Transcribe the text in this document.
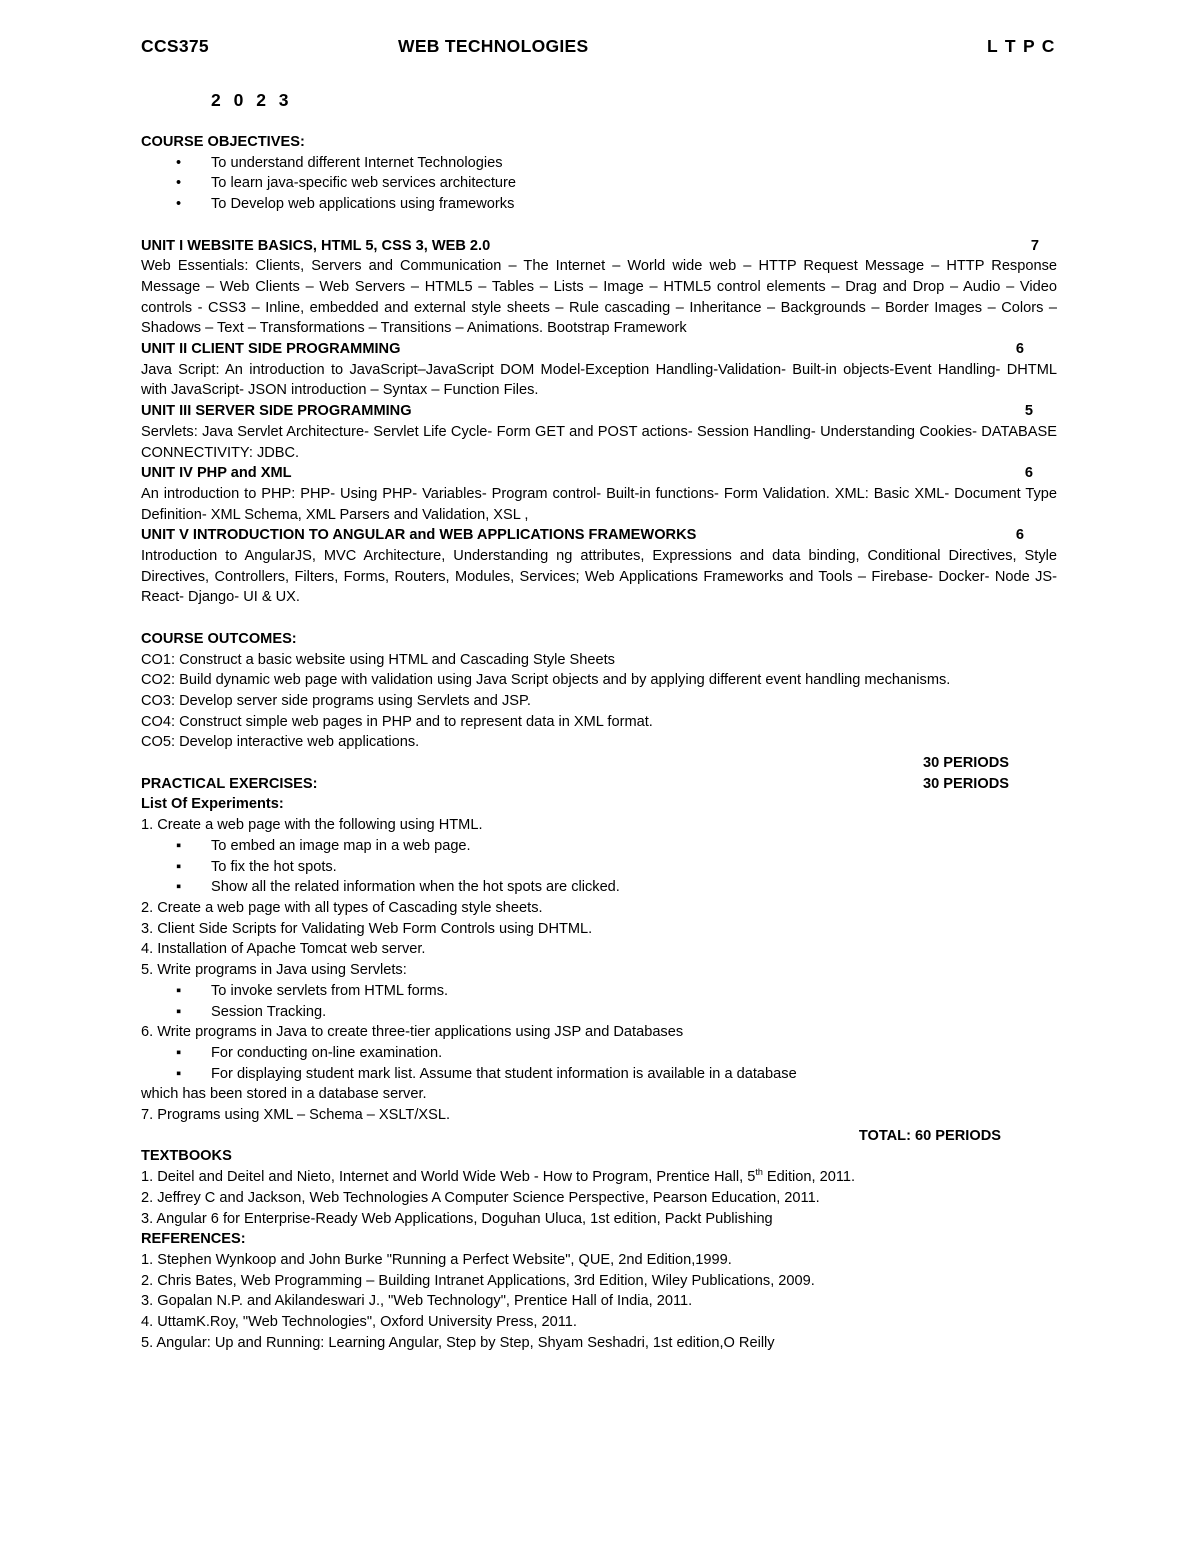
CCS375	WEB TECHNOLOGIES	L T P C
2 0 2 3
COURSE OBJECTIVES:
• To understand different Internet Technologies
• To learn java-specific web services architecture
• To Develop web applications using frameworks
UNIT I WEBSITE BASICS, HTML 5, CSS 3, WEB 2.0	7
Web Essentials: Clients, Servers and Communication – The Internet – World wide web – HTTP Request Message – HTTP Response Message – Web Clients – Web Servers – HTML5 – Tables – Lists – Image – HTML5 control elements – Drag and Drop – Audio – Video controls - CSS3 – Inline, embedded and external style sheets – Rule cascading – Inheritance – Backgrounds – Border Images – Colors – Shadows – Text – Transformations – Transitions – Animations. Bootstrap Framework
UNIT II CLIENT SIDE PROGRAMMING	6
Java Script: An introduction to JavaScript–JavaScript DOM Model-Exception Handling-Validation- Built-in objects-Event Handling- DHTML with JavaScript- JSON introduction – Syntax – Function Files.
UNIT III SERVER SIDE PROGRAMMING	5
Servlets: Java Servlet Architecture- Servlet Life Cycle- Form GET and POST actions- Session Handling- Understanding Cookies- DATABASE CONNECTIVITY: JDBC.
UNIT IV PHP and XML	6
An introduction to PHP: PHP- Using PHP- Variables- Program control- Built-in functions- Form Validation. XML: Basic XML- Document Type Definition- XML Schema, XML Parsers and Validation, XSL ,
UNIT V INTRODUCTION TO ANGULAR and WEB APPLICATIONS FRAMEWORKS	6
Introduction to AngularJS, MVC Architecture, Understanding ng attributes, Expressions and data binding, Conditional Directives, Style Directives, Controllers, Filters, Forms, Routers, Modules, Services; Web Applications Frameworks and Tools – Firebase- Docker- Node JS- React- Django- UI & UX.
COURSE OUTCOMES:
CO1: Construct a basic website using HTML and Cascading Style Sheets
CO2: Build dynamic web page with validation using Java Script objects and by applying different event handling mechanisms.
CO3: Develop server side programs using Servlets and JSP.
CO4: Construct simple web pages in PHP and to represent data in XML format.
CO5: Develop interactive web applications.
30 PERIODS
PRACTICAL EXERCISES:	30 PERIODS
List Of Experiments:
1. Create a web page with the following using HTML.
▪ To embed an image map in a web page.
▪ To fix the hot spots.
▪ Show all the related information when the hot spots are clicked.
2. Create a web page with all types of Cascading style sheets.
3. Client Side Scripts for Validating Web Form Controls using DHTML.
4. Installation of Apache Tomcat web server.
5. Write programs in Java using Servlets:
▪ To invoke servlets from HTML forms.
▪ Session Tracking.
6. Write programs in Java to create three-tier applications using JSP and Databases
▪ For conducting on-line examination.
▪ For displaying student mark list. Assume that student information is available in a database
which has been stored in a database server.
7. Programs using XML – Schema – XSLT/XSL.
TOTAL: 60 PERIODS
TEXTBOOKS
1. Deitel and Deitel and Nieto, Internet and World Wide Web - How to Program, Prentice Hall, 5th Edition, 2011.
2. Jeffrey C and Jackson, Web Technologies A Computer Science Perspective, Pearson Education, 2011.
3. Angular 6 for Enterprise-Ready Web Applications, Doguhan Uluca, 1st edition, Packt Publishing
REFERENCES:
1. Stephen Wynkoop and John Burke "Running a Perfect Website", QUE, 2nd Edition,1999.
2. Chris Bates, Web Programming – Building Intranet Applications, 3rd Edition, Wiley Publications, 2009.
3. Gopalan N.P. and Akilandeswari J., "Web Technology", Prentice Hall of India, 2011.
4. UttamK.Roy, "Web Technologies", Oxford University Press, 2011.
5. Angular: Up and Running: Learning Angular, Step by Step, Shyam Seshadri, 1st edition,O Reilly
